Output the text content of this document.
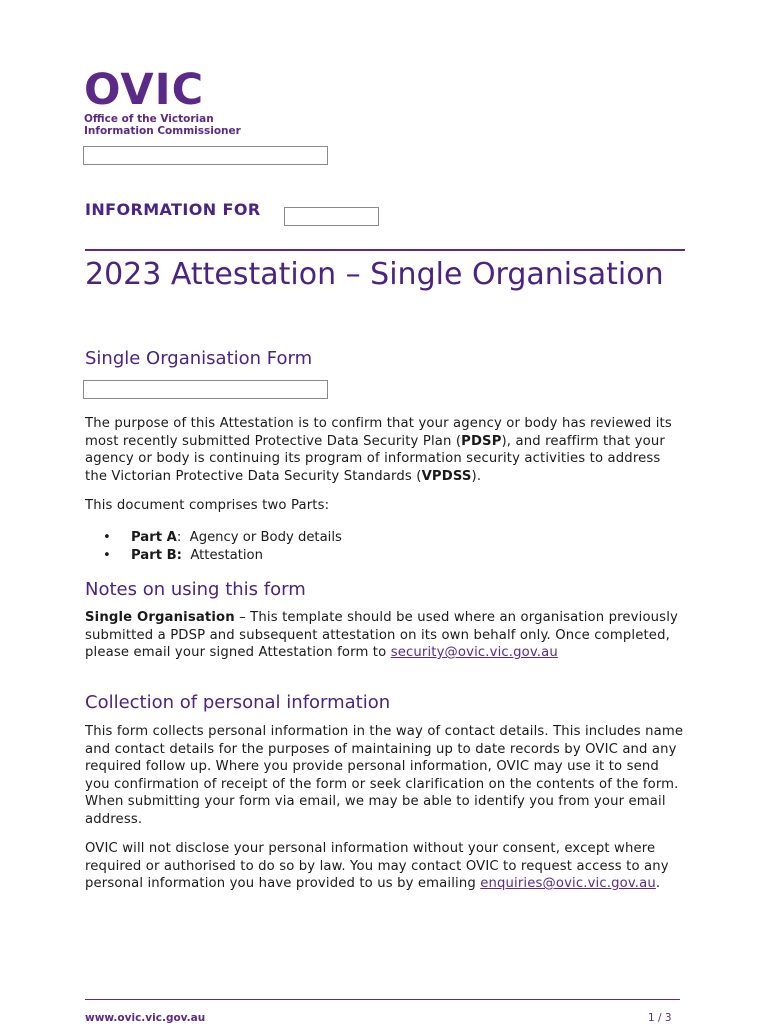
OVIC
Office of the Victorian
Information Commissioner
INFORMATION FOR
2023 Attestation – Single Organisation
Single Organisation Form
The purpose of this Attestation is to confirm that your agency or body has reviewed its most recently submitted Protective Data Security Plan (PDSP), and reaffirm that your agency or body is continuing its program of information security activities to address the Victorian Protective Data Security Standards (VPDSS).
This document comprises two Parts:
• Part A: Agency or Body details
• Part B: Attestation
Notes on using this form
Single Organisation – This template should be used where an organisation previously submitted a PDSP and subsequent attestation on its own behalf only. Once completed, please email your signed Attestation form to security@ovic.vic.gov.au
Collection of personal information
This form collects personal information in the way of contact details. This includes name and contact details for the purposes of maintaining up to date records by OVIC and any required follow up. Where you provide personal information, OVIC may use it to send you confirmation of receipt of the form or seek clarification on the contents of the form. When submitting your form via email, we may be able to identify you from your email address.
OVIC will not disclose your personal information without your consent, except where required or authorised to do so by law. You may contact OVIC to request access to any personal information you have provided to us by emailing enquiries@ovic.vic.gov.au.
www.ovic.vic.gov.au	1 / 3
